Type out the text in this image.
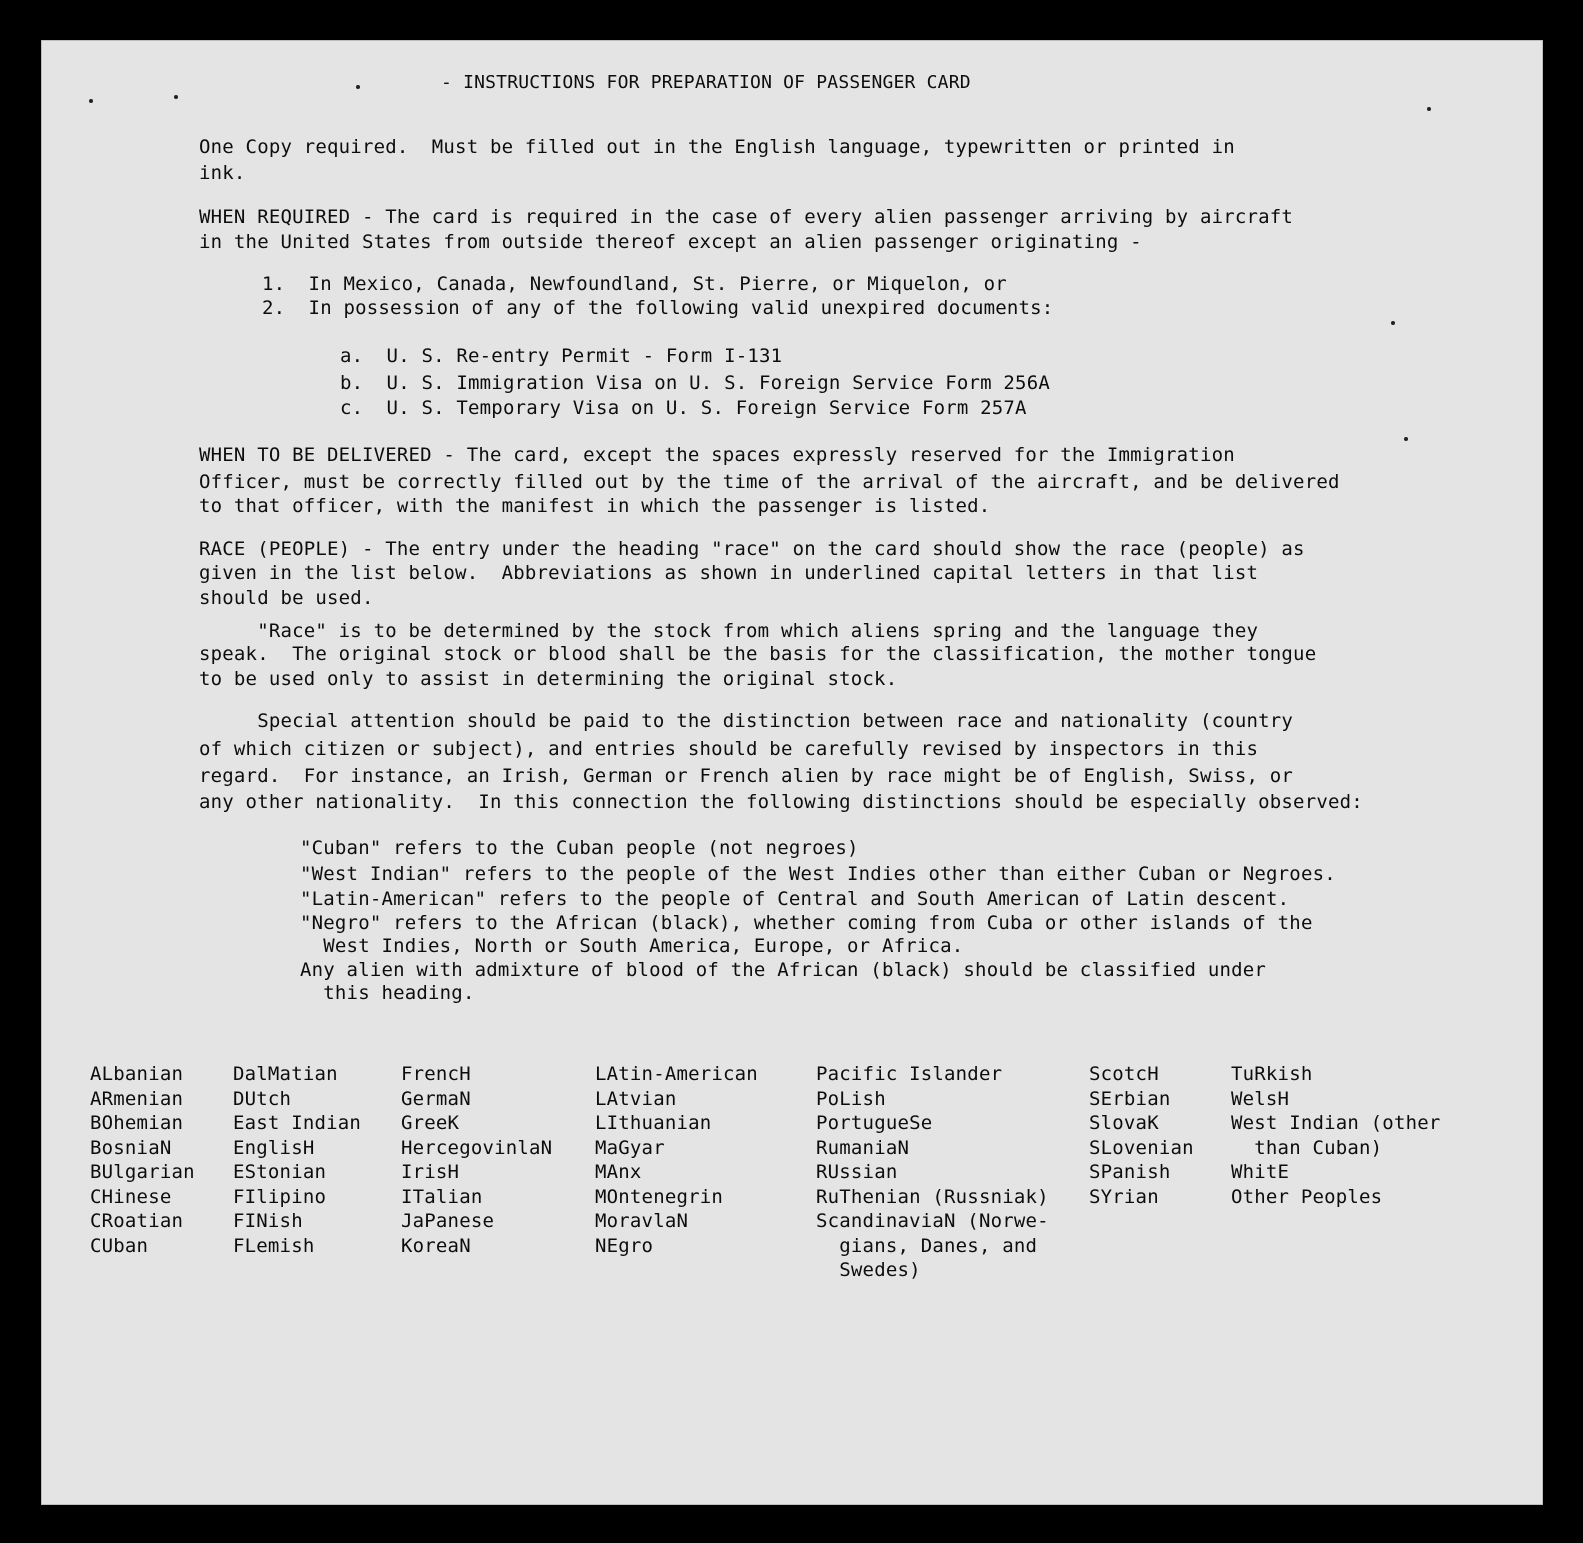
- INSTRUCTIONS FOR PREPARATION OF PASSENGER CARD
One Copy required.  Must be filled out in the English language, typewritten or printed in
ink.
WHEN REQUIRED - The card is required in the case of every alien passenger arriving by aircraft
in the United States from outside thereof except an alien passenger originating -
1.  In Mexico, Canada, Newfoundland, St. Pierre, or Miquelon, or
2.  In possession of any of the following valid unexpired documents:
a.  U. S. Re-entry Permit - Form I-131
b.  U. S. Immigration Visa on U. S. Foreign Service Form 256A
c.  U. S. Temporary Visa on U. S. Foreign Service Form 257A
WHEN TO BE DELIVERED - The card, except the spaces expressly reserved for the Immigration
Officer, must be correctly filled out by the time of the arrival of the aircraft, and be delivered
to that officer, with the manifest in which the passenger is listed.
RACE (PEOPLE) - The entry under the heading "race" on the card should show the race (people) as
given in the list below.  Abbreviations as shown in underlined capital letters in that list
should be used.
"Race" is to be determined by the stock from which aliens spring and the language they
speak.  The original stock or blood shall be the basis for the classification, the mother tongue
to be used only to assist in determining the original stock.
Special attention should be paid to the distinction between race and nationality (country
of which citizen or subject), and entries should be carefully revised by inspectors in this
regard.  For instance, an Irish, German or French alien by race might be of English, Swiss, or
any other nationality.  In this connection the following distinctions should be especially observed:
"Cuban" refers to the Cuban people (not negroes)
"West Indian" refers to the people of the West Indies other than either Cuban or Negroes.
"Latin-American" refers to the people of Central and South American of Latin descent.
"Negro" refers to the African (black), whether coming from Cuba or other islands of the
West Indies, North or South America, Europe, or Africa.
Any alien with admixture of blood of the African (black) should be classified under
this heading.
ALbanian
ARmenian
BOhemian
BosniaN
BUlgarian
CHinese
CRoatian
CUban
DalMatian
DUtch
East Indian
EnglisH
EStonian
FIlipino
FINish
FLemish
FrencH
GermaN
GreeK
HercegovinlaN
IrisH
ITalian
JaPanese
KoreaN
LAtin-American
LAtvian
LIthuanian
MaGyar
MAnx
MOntenegrin
MoravlaN
NEgro
Pacific Islander
PoLish
PortugueSe
RumaniaN
RUssian
RuThenian (Russniak)
ScandinaviaN (Norwe-
gians, Danes, and
Swedes)
ScotcH
SErbian
SlovaK
SLovenian
SPanish
SYrian
TuRkish
WelsH
West Indian (other
than Cuban)
WhitE
Other Peoples
